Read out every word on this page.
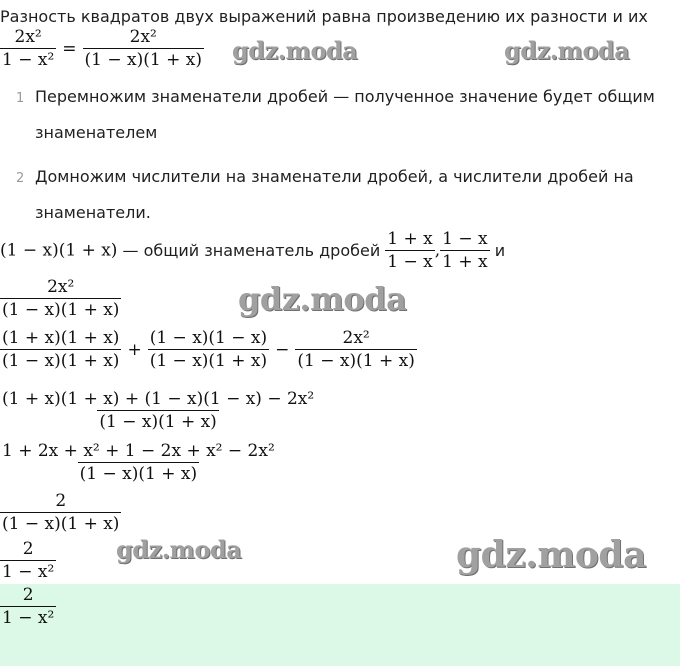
Разность квадратов двух выражений равна произведению их разности и их
$\frac{\text{2x²}}{\text{1 − x²}} = \frac{\text{2x²}}{(1 - x)(1 + x)}$
1 Перемножим знаменатели дробей — полученное значение будет общим
знаменателем
2 Домножим числители на знаменатели дробей, а числители дробей на
знаменатели.
(1 − x)(1 + x) — общий знаменатель дробей $\frac{1 + x}{1 - x}$ , $\frac{1 - x}{1 + x}$ и
$\frac{\text{2x²}}{(1 - x)(1 + x)}$
$\frac{(1 + x)(1 + x)}{(1 - x)(1 + x)} + \frac{(1 - x)(1 - x)}{(1 - x)(1 + x)} - \frac{\text{2x²}}{(1 - x)(1 + x)}$
$\frac{\text{(1 + x)(1 + x) + (1 − x)(1 − x) − 2x²}}{(1 - x)(1 + x)}$
$\frac{\text{1 + 2x + x² + 1 − 2x + x² − 2x²}}{(1 - x)(1 + x)}$
$\frac{2}{(1 - x)(1 + x)}$
$\frac{2}{\text{1 − x²}}$
$\frac{2}{\text{1 − x²}}$
gdz.moda	gdz.moda
gdz.moda
gdz.moda	gdz.moda
